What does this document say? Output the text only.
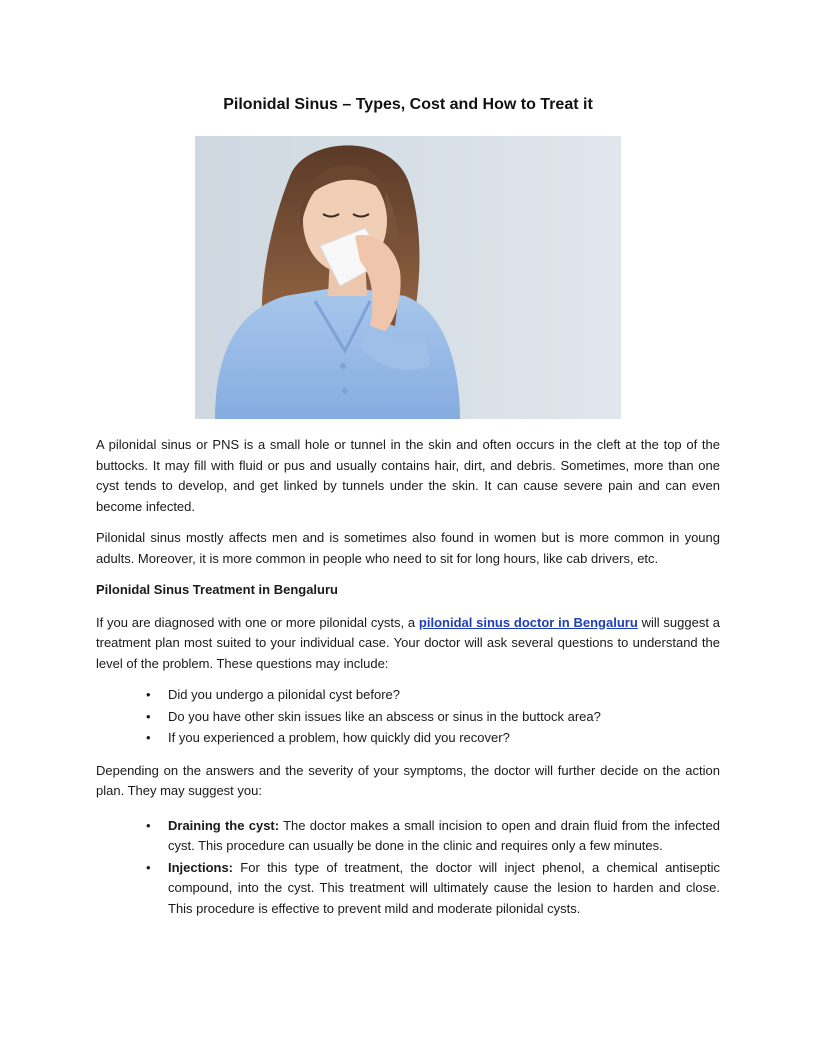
Pilonidal Sinus – Types, Cost and How to Treat it

A pilonidal sinus or PNS is a small hole or tunnel in the skin and often occurs in the cleft at the top of the buttocks. It may fill with fluid or pus and usually contains hair, dirt, and debris. Sometimes, more than one cyst tends to develop, and get linked by tunnels under the skin. It can cause severe pain and can even become infected.

Pilonidal sinus mostly affects men and is sometimes also found in women but is more common in young adults. Moreover, it is more common in people who need to sit for long hours, like cab drivers, etc.

Pilonidal Sinus Treatment in Bengaluru

If you are diagnosed with one or more pilonidal cysts, a pilonidal sinus doctor in Bengaluru will suggest a treatment plan most suited to your individual case. Your doctor will ask several questions to understand the level of the problem. These questions may include:

• Did you undergo a pilonidal cyst before?
• Do you have other skin issues like an abscess or sinus in the buttock area?
• If you experienced a problem, how quickly did you recover?

Depending on the answers and the severity of your symptoms, the doctor will further decide on the action plan. They may suggest you:

• Draining the cyst: The doctor makes a small incision to open and drain fluid from the infected cyst. This procedure can usually be done in the clinic and requires only a few minutes.
• Injections: For this type of treatment, the doctor will inject phenol, a chemical antiseptic compound, into the cyst. This treatment will ultimately cause the lesion to harden and close. This procedure is effective to prevent mild and moderate pilonidal cysts.
